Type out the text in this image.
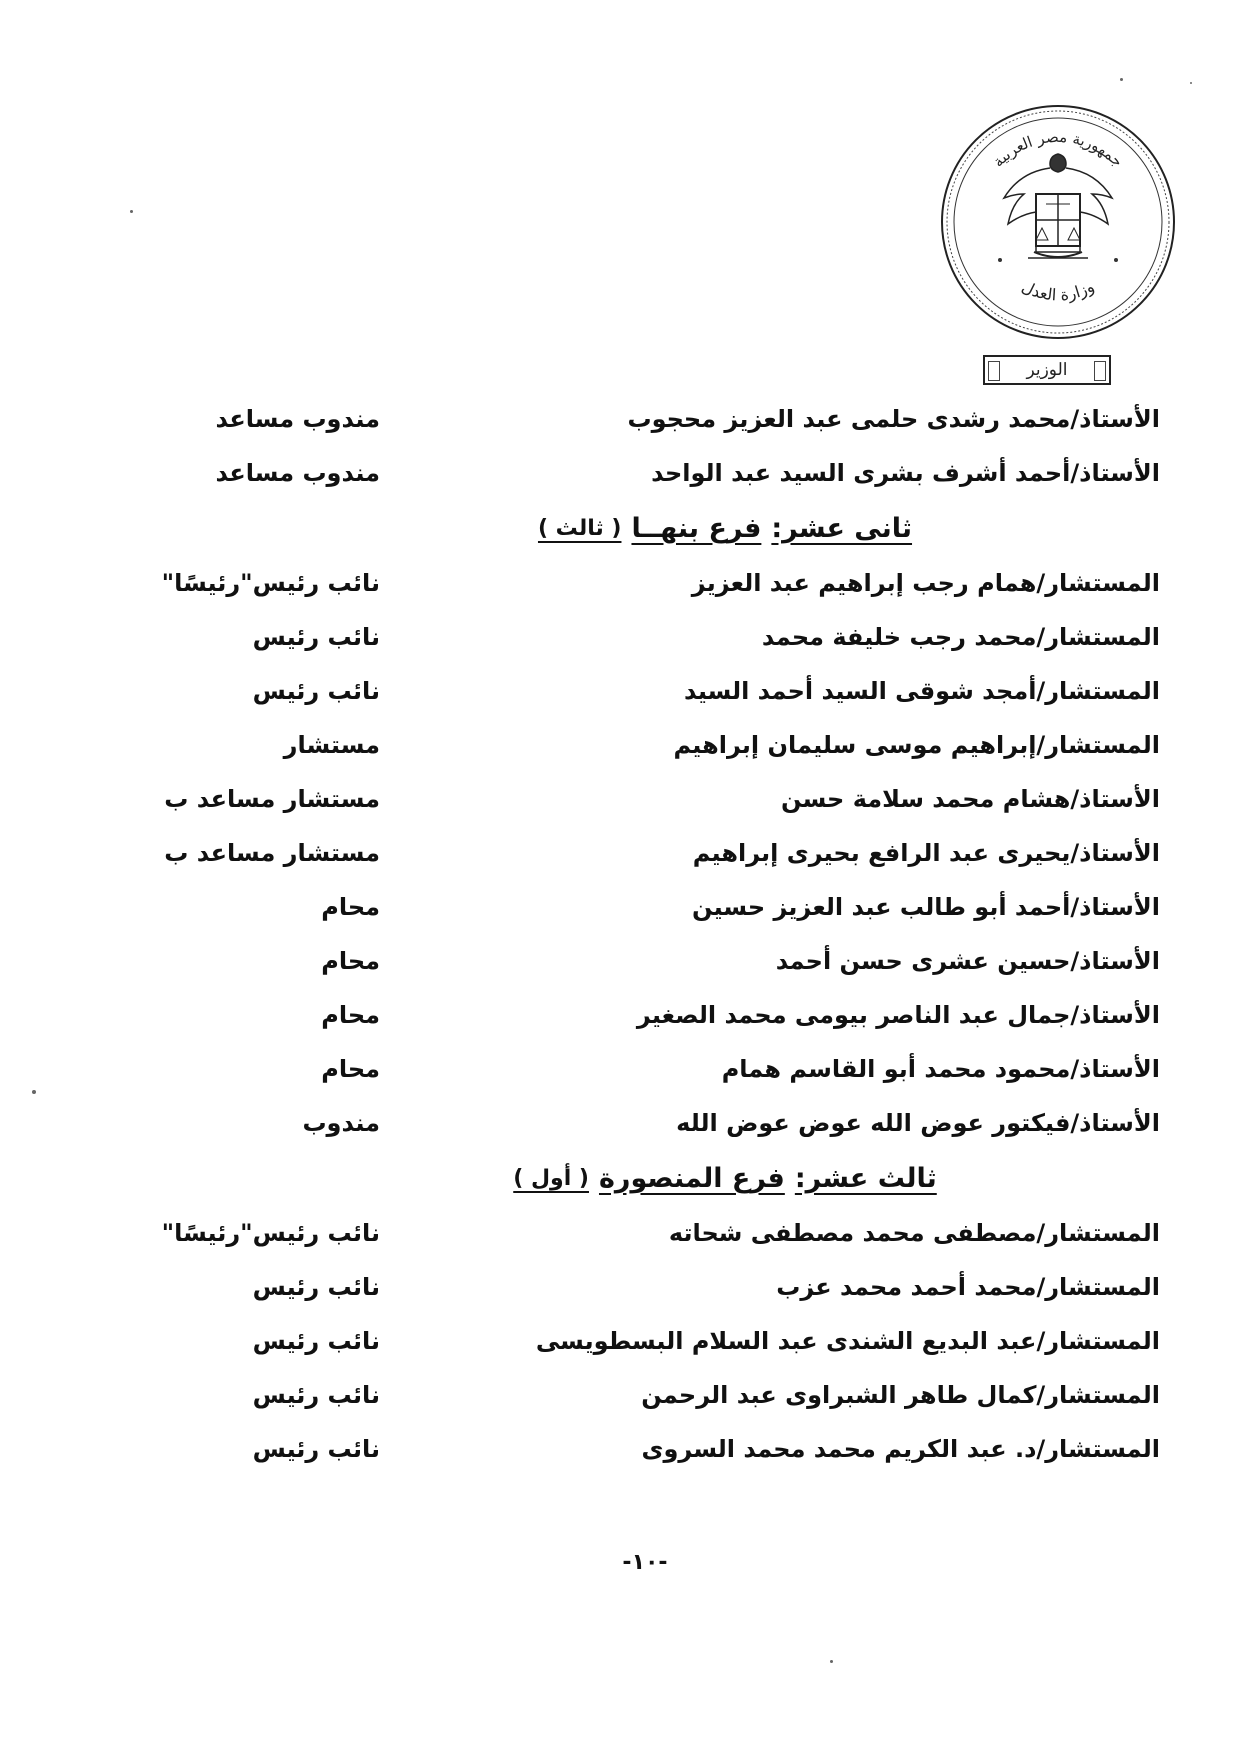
جمهورية مصر العربية
وزارة العدل
الوزير
الأستاذ/محمد رشدى حلمى عبد العزيز محجوب
مندوب مساعد
الأستاذ/أحمد أشرف بشرى السيد عبد الواحد
مندوب مساعد
ثانى عشر:
فرع بنهــا
( ثالث )
المستشار/همام رجب إبراهيم عبد العزيز
نائب رئيس"رئيسًا"
المستشار/محمد رجب خليفة محمد
نائب رئيس
المستشار/أمجد شوقى السيد أحمد السيد
نائب رئيس
المستشار/إبراهيم موسى سليمان إبراهيم
مستشار
الأستاذ/هشام محمد سلامة حسن
مستشار مساعد ب
الأستاذ/يحيرى عبد الرافع بحيرى إبراهيم
مستشار مساعد ب
الأستاذ/أحمد أبو طالب عبد العزيز حسين
محام
الأستاذ/حسين عشرى حسن أحمد
محام
الأستاذ/جمال عبد الناصر بيومى محمد الصغير
محام
الأستاذ/محمود محمد أبو القاسم همام
محام
الأستاذ/فيكتور عوض الله عوض عوض الله
مندوب
ثالث عشر:
فرع المنصورة
( أول )
المستشار/مصطفى محمد مصطفى شحاته
نائب رئيس"رئيسًا"
المستشار/محمد أحمد محمد عزب
نائب رئيس
المستشار/عبد البديع الشندى عبد السلام البسطويسى
نائب رئيس
المستشار/كمال طاهر الشبراوى عبد الرحمن
نائب رئيس
المستشار/د. عبد الكريم محمد محمد السروى
نائب رئيس
-١٠-
